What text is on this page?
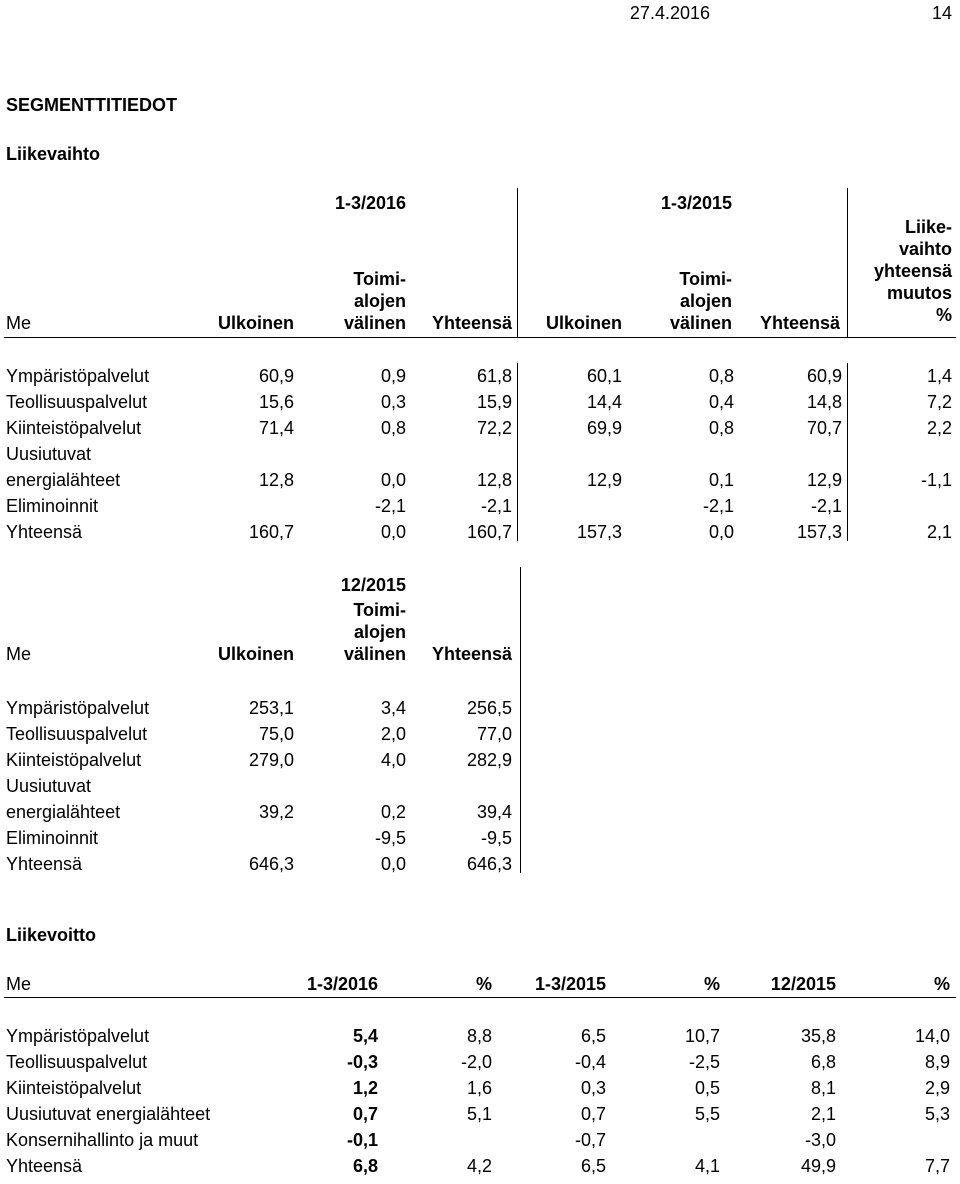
27.4.2016	14
SEGMENTTITIEDOT
Liikevaihto
1-3/2016	1-3/2015
Me	Ulkoinen
Toimi-
alojen
välinen	Yhteensä	Ulkoinen
Toimi-
alojen
välinen	Yhteensä
Liike-
vaihto
yhteensä
muutos
%
Ympäristöpalvelut	60,9	0,9	61,8	60,1	0,8	60,9	1,4
Teollisuuspalvelut	15,6	0,3	15,9	14,4	0,4	14,8	7,2
Kiinteistöpalvelut	71,4	0,8	72,2	69,9	0,8	70,7	2,2
Uusiutuvat							
energialähteet	12,8	0,0	12,8	12,9	0,1	12,9	-1,1
Eliminoinnit		-2,1	-2,1		-2,1	-2,1	
Yhteensä	160,7	0,0	160,7	157,3	0,0	157,3	2,1
12/2015
Me	Ulkoinen
Toimi-
alojen
välinen	Yhteensä
Ympäristöpalvelut	253,1	3,4	256,5
Teollisuuspalvelut	75,0	2,0	77,0
Kiinteistöpalvelut	279,0	4,0	282,9
Uusiutuvat			
energialähteet	39,2	0,2	39,4
Eliminoinnit		-9,5	-9,5
Yhteensä	646,3	0,0	646,3
Liikevoitto
Me	1-3/2016	%	1-3/2015	%	12/2015	%
Ympäristöpalvelut	5,4	8,8	6,5	10,7	35,8	14,0
Teollisuuspalvelut	-0,3	-2,0	-0,4	-2,5	6,8	8,9
Kiinteistöpalvelut	1,2	1,6	0,3	0,5	8,1	2,9
Uusiutuvat energialähteet	0,7	5,1	0,7	5,5	2,1	5,3
Konsernihallinto ja muut	-0,1		-0,7		-3,0	
Yhteensä	6,8	4,2	6,5	4,1	49,9	7,7
